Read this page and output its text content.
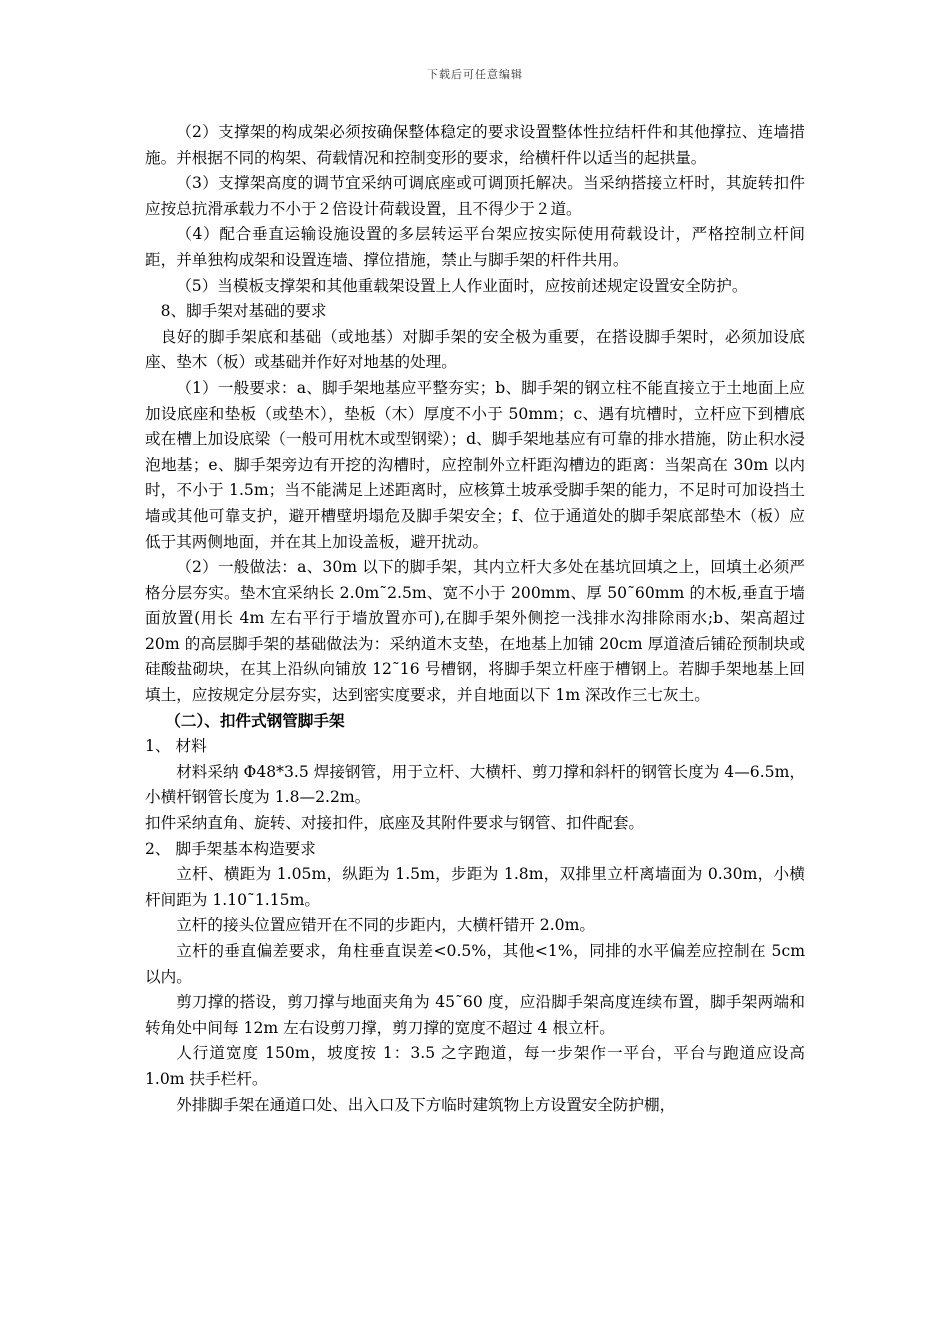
下载后可任意编辑

（2）支撑架的构成架必须按确保整体稳定的要求设置整体性拉结杆件和其他撑拉、连墙措施。并根据不同的构架、荷载情况和控制变形的要求，给横杆件以适当的起拱量。

（3）支撑架高度的调节宜采纳可调底座或可调顶托解决。当采纳搭接立杆时，其旋转扣件应按总抗滑承载力不小于２倍设计荷载设置，且不得少于２道。

（4）配合垂直运输设施设置的多层转运平台架应按实际使用荷载设计，严格控制立杆间距，并单独构成架和设置连墙、撑位措施，禁止与脚手架的杆件共用。

（5）当模板支撑架和其他重载架设置上人作业面时，应按前述规定设置安全防护。

8、脚手架对基础的要求

良好的脚手架底和基础（或地基）对脚手架的安全极为重要，在搭设脚手架时，必须加设底座、垫木（板）或基础并作好对地基的处理。

（1）一般要求：a、脚手架地基应平整夯实；b、脚手架的钢立柱不能直接立于土地面上应加设底座和垫板（或垫木），垫板（木）厚度不小于 50mm；c、遇有坑槽时，立杆应下到槽底或在槽上加设底梁（一般可用枕木或型钢梁）；d、脚手架地基应有可靠的排水措施，防止积水浸泡地基；e、脚手架旁边有开挖的沟槽时，应控制外立杆距沟槽边的距离：当架高在 30m 以内时，不小于 1.5m；当不能满足上述距离时，应核算土坡承受脚手架的能力，不足时可加设挡土墙或其他可靠支护，避开槽壁坍塌危及脚手架安全；f、位于通道处的脚手架底部垫木（板）应低于其两侧地面，并在其上加设盖板，避开扰动。

（2）一般做法：a、30m 以下的脚手架，其内立杆大多处在基坑回填之上，回填土必须严格分层夯实。垫木宜采纳长 2.0m˜2.5m、宽不小于 200mm、厚 50˜60mm 的木板,垂直于墙面放置(用长 4m 左右平行于墙放置亦可),在脚手架外侧挖一浅排水沟排除雨水;b、架高超过 20m 的高层脚手架的基础做法为：采纳道木支垫，在地基上加铺 20cm 厚道渣后铺砼预制块或硅酸盐砌块，在其上沿纵向铺放 12˜16 号槽钢，将脚手架立杆座于槽钢上。若脚手架地基上回填土，应按规定分层夯实，达到密实度要求，并自地面以下 1m 深改作三七灰土。

（二）、扣件式钢管脚手架

1、 材料

材料采纳 Φ48*3.5 焊接钢管，用于立杆、大横杆、剪刀撑和斜杆的钢管长度为 4—6.5m，小横杆钢管长度为 1.8—2.2m。

扣件采纳直角、旋转、对接扣件，底座及其附件要求与钢管、扣件配套。

2、 脚手架基本构造要求

立杆、横距为 1.05m，纵距为 1.5m，步距为 1.8m，双排里立杆离墙面为 0.30m，小横杆间距为 1.10˜1.15m。

立杆的接头位置应错开在不同的步距内，大横杆错开 2.0m。

立杆的垂直偏差要求，角柱垂直误差<0.5%，其他<1%，同排的水平偏差应控制在 5cm 以内。

剪刀撑的搭设，剪刀撑与地面夹角为 45˜60 度，应沿脚手架高度连续布置，脚手架两端和转角处中间每 12m 左右设剪刀撑，剪刀撑的宽度不超过 4 根立杆。

人行道宽度 150m，坡度按 1：3.5 之字跑道，每一步架作一平台，平台与跑道应设高 1.0m 扶手栏杆。

外排脚手架在通道口处、出入口及下方临时建筑物上方设置安全防护棚，
